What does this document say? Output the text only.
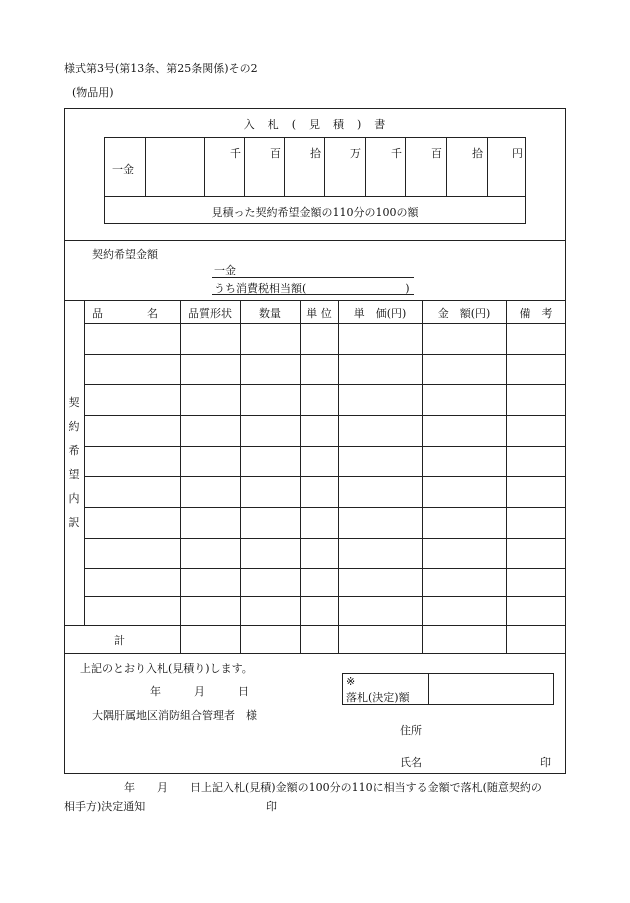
様式第3号(第13条、第25条関係)その2
(物品用)
入　札　(　見　積　)　書
一金
千	百	拾	万	千	百	拾	円
見積った契約希望金額の110分の100の額
契約希望金額
一金
うち消費税相当額(　　　　　　　　　)
契
約
希
望
内
訳
品　　　　名	品質形状	数量	単 位	単　価(円)	金　額(円)	備　考
計
上記のとおり入札(見積り)します。
年　　　月　　　日
大隅肝属地区消防組合管理者　様
※
落札(決定)額
住所
氏名	印
年　　月　　日上記入札(見積)金額の100分の110に相当する金額で落札(随意契約の
相手方)決定通知	印
